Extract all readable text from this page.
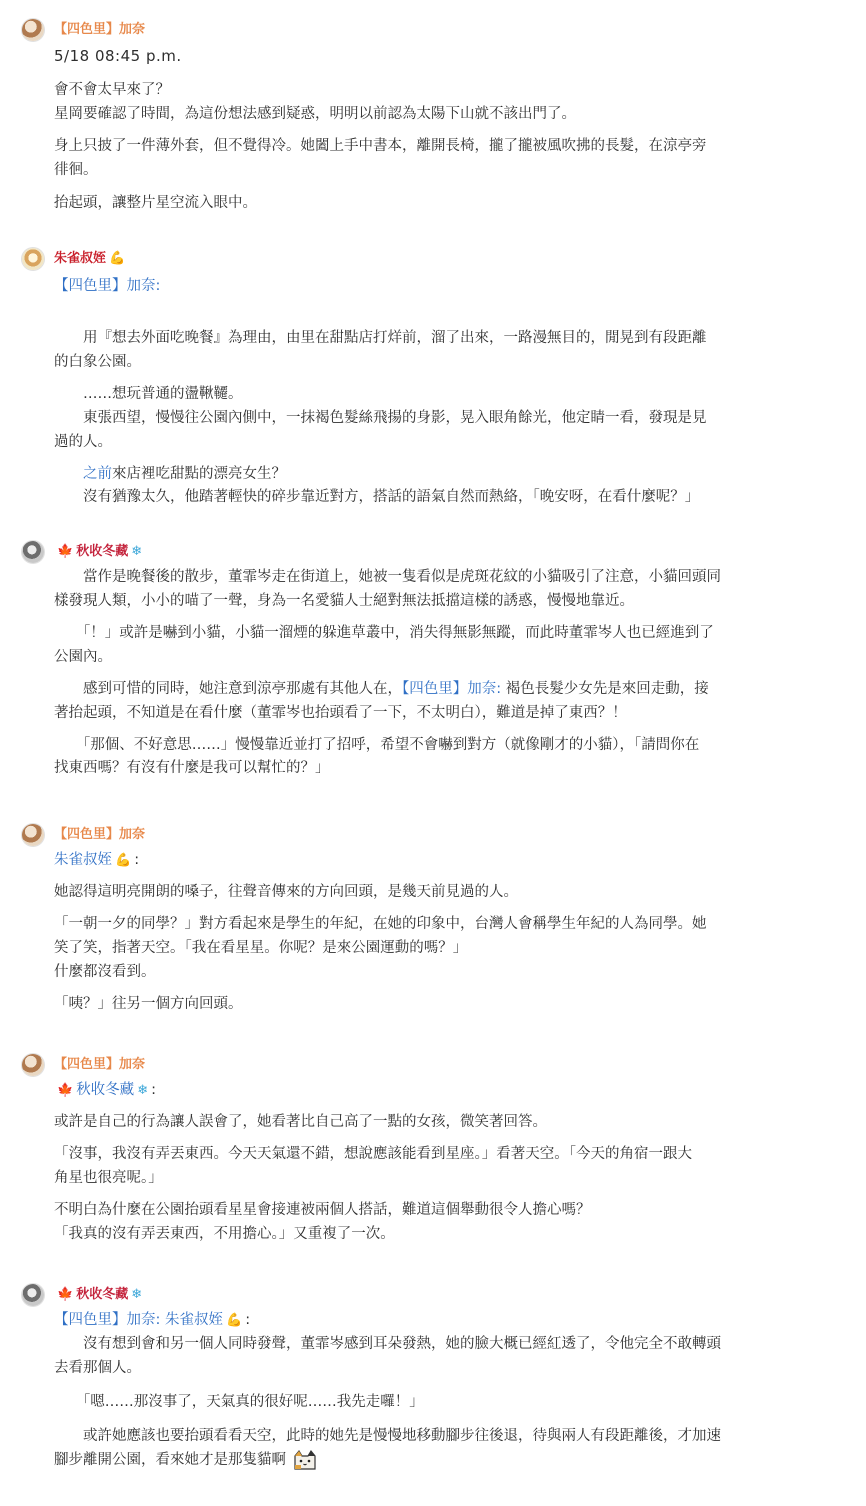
【四色里】加奈

5/18 08:45 p.m.

會不會太早來了？

星岡要確認了時間，為這份想法感到疑惑，明明以前認為太陽下山就不該出門了。

身上只披了一件薄外套，但不覺得冷。她闔上手中書本，離開長椅，攏了攏被風吹拂的長髮，在涼亭旁

徘徊。

抬起頭，讓整片星空流入眼中。

朱雀叔姪 💪

【四色里】加奈:

　　用『想去外面吃晚餐』為理由，由里在甜點店打烊前，溜了出來，一路漫無目的，閒晃到有段距離

的白象公園。

　　……想玩普通的盪鞦韆。

　　東張西望，慢慢往公園內側中，一抹褐色髮絲飛揚的身影，晃入眼角餘光，他定睛一看，發現是見

過的人。

　　之前來店裡吃甜點的漂亮女生？

　　沒有猶豫太久，他踏著輕快的碎步靠近對方，搭話的語氣自然而熱絡，「晚安呀，在看什麼呢？」

🍁 秋收冬藏 ❄

　　當作是晚餐後的散步，董霏岑走在街道上，她被一隻看似是虎斑花紋的小貓吸引了注意，小貓回頭同

樣發現人類，小小的喵了一聲，身為一名愛貓人士絕對無法抵擋這樣的誘惑，慢慢地靠近。

　　「！」或許是嚇到小貓，小貓一溜煙的躲進草叢中，消失得無影無蹤，而此時董霏岑人也已經進到了

公園內。

　　感到可惜的同時，她注意到涼亭那處有其他人在，【四色里】加奈: 褐色長髮少女先是來回走動，接

著抬起頭，不知道是在看什麼（董霏岑也抬頭看了一下，不太明白），難道是掉了東西？！

　　「那個、不好意思……」慢慢靠近並打了招呼，希望不會嚇到對方（就像剛才的小貓），「請問你在

找東西嗎？有沒有什麼是我可以幫忙的？」

【四色里】加奈

朱雀叔姪 💪 :

她認得這明亮開朗的嗓子，往聲音傳來的方向回頭，是幾天前見過的人。

「一朝一夕的同學？」對方看起來是學生的年紀，在她的印象中，台灣人會稱學生年紀的人為同學。她

笑了笑，指著天空。「我在看星星。你呢？是來公園運動的嗎？」

什麼都沒看到。

「咦？」往另一個方向回頭。

【四色里】加奈

🍁 秋收冬藏 ❄ :

或許是自己的行為讓人誤會了，她看著比自己高了一點的女孩，微笑著回答。

「沒事，我沒有弄丟東西。今天天氣還不錯，想說應該能看到星座。」看著天空。「今天的角宿一跟大

角星也很亮呢。」

不明白為什麼在公園抬頭看星星會接連被兩個人搭話，難道這個舉動很令人擔心嗎？

「我真的沒有弄丟東西，不用擔心。」又重複了一次。

🍁 秋收冬藏 ❄

【四色里】加奈: 朱雀叔姪 💪 :

　　沒有想到會和另一個人同時發聲，董霏岑感到耳朵發熱，她的臉大概已經紅透了，令他完全不敢轉頭

去看那個人。

　　「嗯……那沒事了，天氣真的很好呢……我先走囉！」

　　或許她應該也要抬頭看看天空，此時的她先是慢慢地移動腳步往後退，待與兩人有段距離後，才加速

腳步離開公園，看來她才是那隻貓啊
